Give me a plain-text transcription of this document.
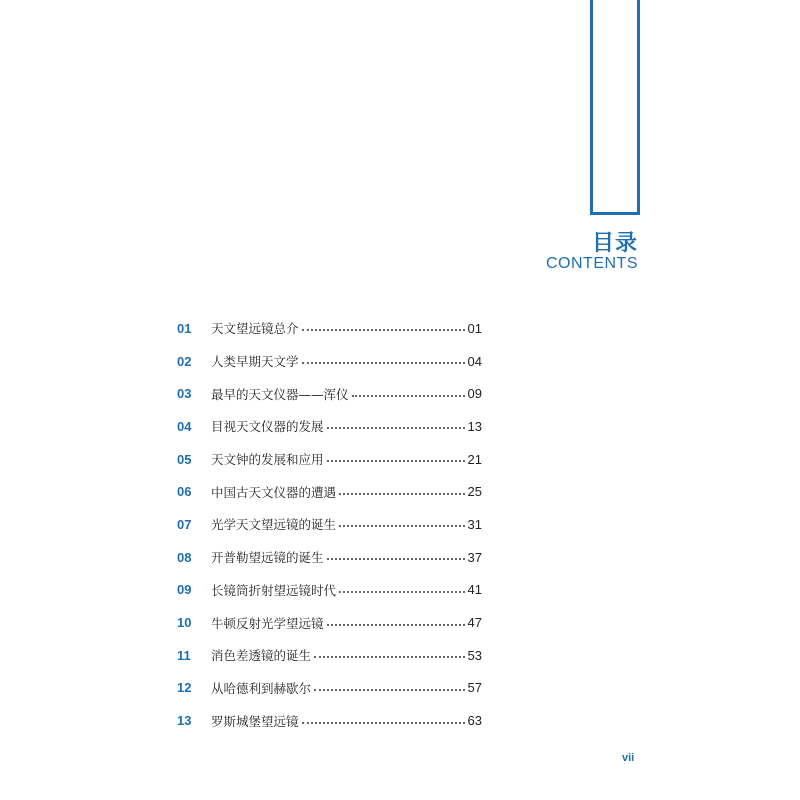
目录
CONTENTS
01	天文望远镜总介	01
02	人类早期天文学	04
03	最早的天文仪器——浑仪	09
04	目视天文仪器的发展	13
05	天文钟的发展和应用	21
06	中国古天文仪器的遭遇	25
07	光学天文望远镜的诞生	31
08	开普勒望远镜的诞生	37
09	长镜筒折射望远镜时代	41
10	牛顿反射光学望远镜	47
11	消色差透镜的诞生	53
12	从哈德利到赫歇尔	57
13	罗斯城堡望远镜	63
vii
